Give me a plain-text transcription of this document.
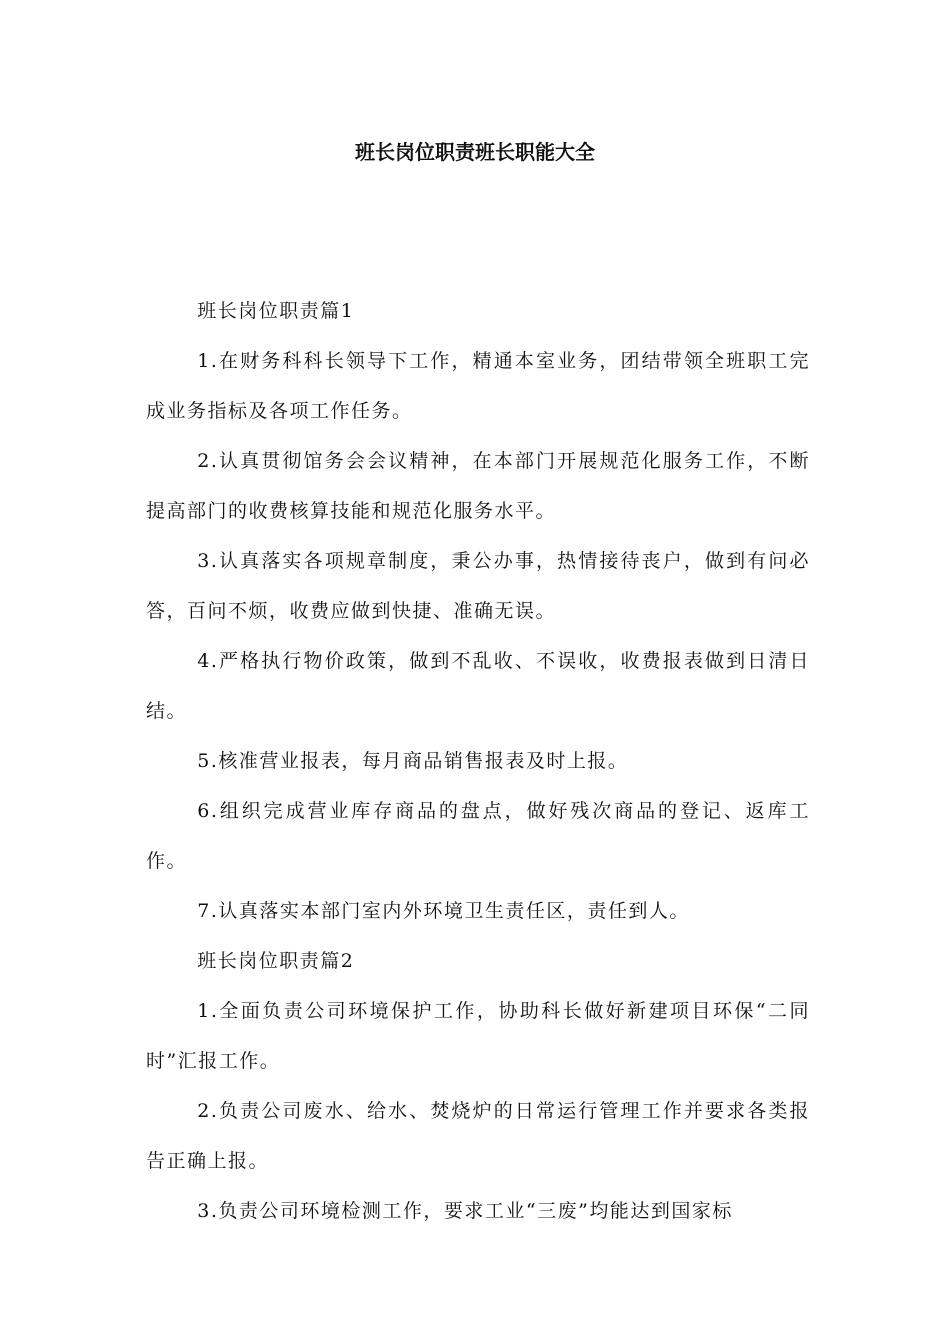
班长岗位职责班长职能大全

班长岗位职责篇1

1.在财务科科长领导下工作，精通本室业务，团结带领全班职工完成业务指标及各项工作任务。

2.认真贯彻馆务会会议精神，在本部门开展规范化服务工作，不断提高部门的收费核算技能和规范化服务水平。

3.认真落实各项规章制度，秉公办事，热情接待丧户，做到有问必答，百问不烦，收费应做到快捷、准确无误。

4.严格执行物价政策，做到不乱收、不误收，收费报表做到日清日结。

5.核准营业报表，每月商品销售报表及时上报。

6.组织完成营业库存商品的盘点，做好残次商品的登记、返库工作。

7.认真落实本部门室内外环境卫生责任区，责任到人。

班长岗位职责篇2

1.全面负责公司环境保护工作，协助科长做好新建项目环保“二同时”汇报工作。

2.负责公司废水、给水、焚烧炉的日常运行管理工作并要求各类报告正确上报。

3.负责公司环境检测工作，要求工业“三废”均能达到国家标
